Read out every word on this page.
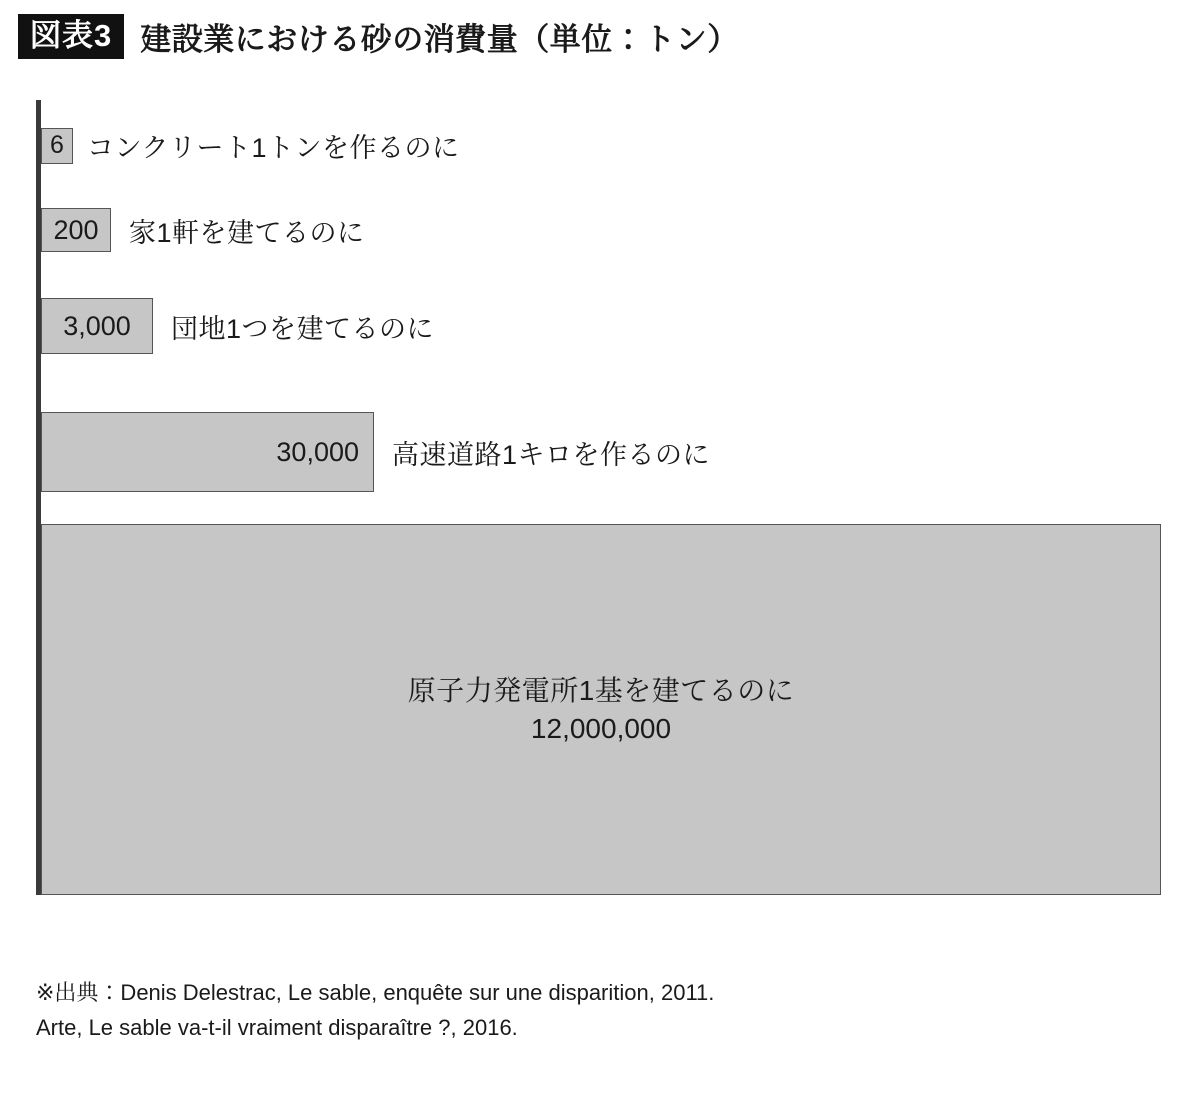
図表3 建設業における砂の消費量（単位：トン）
6 コンクリート1トンを作るのに
200	家1軒を建てるのに
3,000	団地1つを建てるのに
30,000	高速道路1キロを作るのに
原子力発電所1基を建てるのに
12,000,000
※出典：Denis Delestrac, Le sable, enquête sur une disparition, 2011.
Arte, Le sable va-t-il vraiment disparaître ?, 2016.
